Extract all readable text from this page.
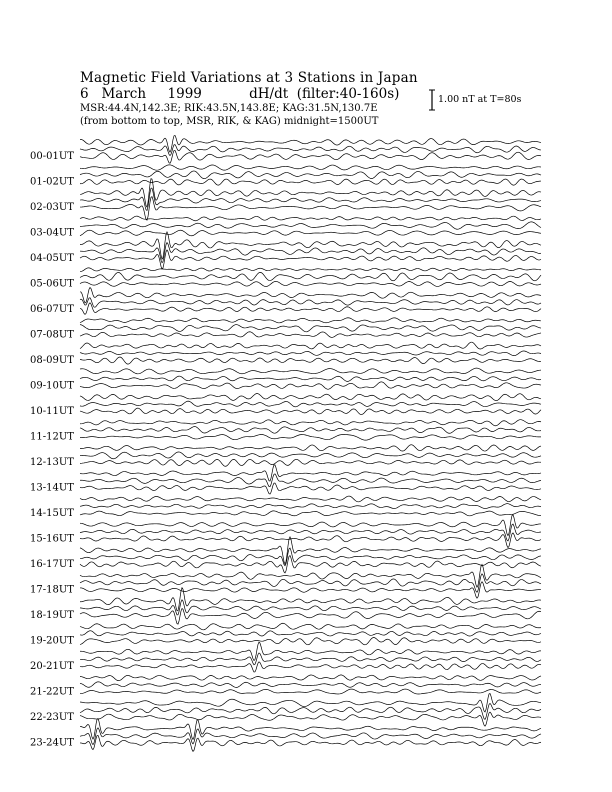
Magnetic Field Variations at 3 Stations in Japan
6 March 1999	dH/dt  (filter:40-160s)
MSR:44.4N,142.3E; RIK:43.5N,143.8E; KAG:31.5N,130.7E
(from bottom to top, MSR, RIK, & KAG) midnight=1500UT
1.00 nT at T=80s
00-01UT
01-02UT
02-03UT
03-04UT
04-05UT
05-06UT
06-07UT
07-08UT
08-09UT
09-10UT
10-11UT
11-12UT
12-13UT
13-14UT
14-15UT
15-16UT
16-17UT
17-18UT
18-19UT
19-20UT
20-21UT
21-22UT
22-23UT
23-24UT
